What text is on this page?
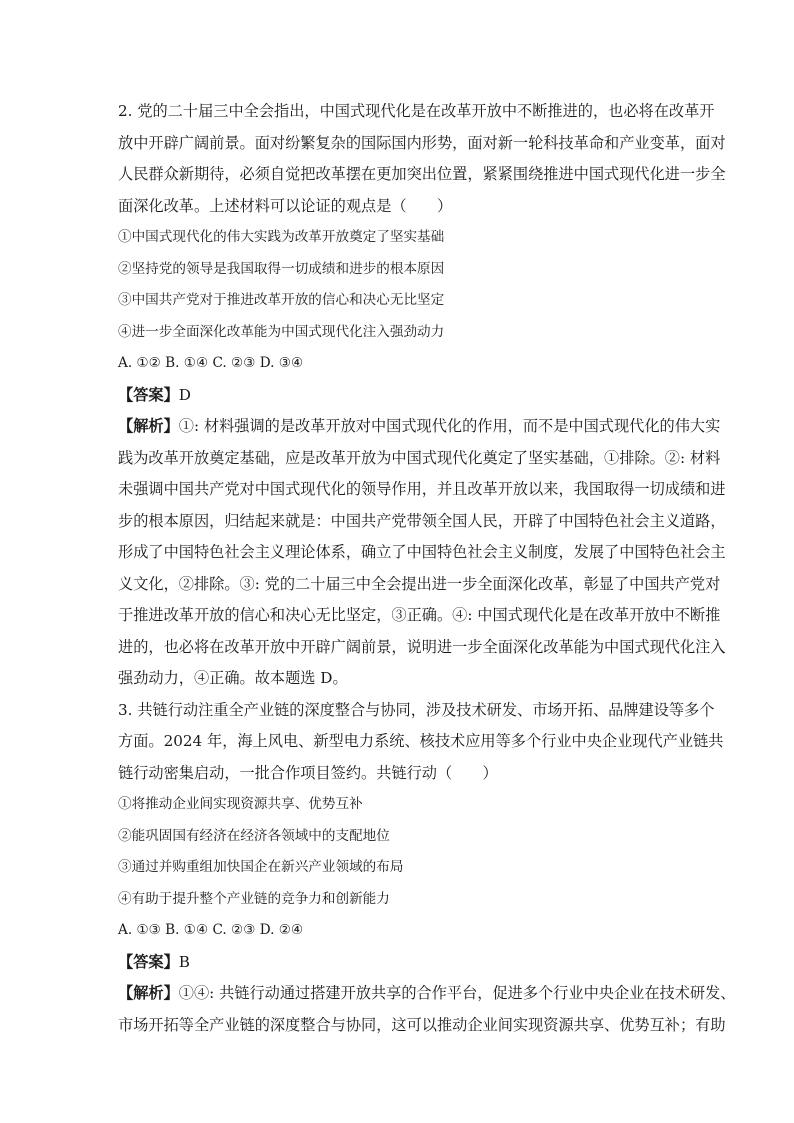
2. 党的二十届三中全会指出，中国式现代化是在改革开放中不断推进的，也必将在改革开
放中开辟广阔前景。面对纷繁复杂的国际国内形势，面对新一轮科技革命和产业变革，面对
人民群众新期待，必须自觉把改革摆在更加突出位置，紧紧围绕推进中国式现代化进一步全
面深化改革。上述材料可以论证的观点是（　　）

①中国式现代化的伟大实践为改革开放奠定了坚实基础

②坚持党的领导是我国取得一切成绩和进步的根本原因

③中国共产党对于推进改革开放的信心和决心无比坚定

④进一步全面深化改革能为中国式现代化注入强劲动力

A. ①② B. ①④ C. ②③ D. ③④

【答案】D

【解析】①: 材料强调的是改革开放对中国式现代化的作用，而不是中国式现代化的伟大实
践为改革开放奠定基础，应是改革开放为中国式现代化奠定了坚实基础，①排除。②: 材料
未强调中国共产党对中国式现代化的领导作用，并且改革开放以来，我国取得一切成绩和进
步的根本原因，归结起来就是：中国共产党带领全国人民，开辟了中国特色社会主义道路，
形成了中国特色社会主义理论体系，确立了中国特色社会主义制度，发展了中国特色社会主
义文化，②排除。③: 党的二十届三中全会提出进一步全面深化改革，彰显了中国共产党对
于推进改革开放的信心和决心无比坚定，③正确。④: 中国式现代化是在改革开放中不断推
进的，也必将在改革开放中开辟广阔前景，说明进一步全面深化改革能为中国式现代化注入
强劲动力，④正确。故本题选 D。

3. 共链行动注重全产业链的深度整合与协同，涉及技术研发、市场开拓、品牌建设等多个
方面。2024 年，海上风电、新型电力系统、核技术应用等多个行业中央企业现代产业链共
链行动密集启动，一批合作项目签约。共链行动（　　）

①将推动企业间实现资源共享、优势互补

②能巩固国有经济在经济各领域中的支配地位

③通过并购重组加快国企在新兴产业领域的布局

④有助于提升整个产业链的竞争力和创新能力

A. ①③ B. ①④ C. ②③ D. ②④

【答案】B

【解析】①④: 共链行动通过搭建开放共享的合作平台，促进多个行业中央企业在技术研发、
市场开拓等全产业链的深度整合与协同，这可以推动企业间实现资源共享、优势互补；有助
